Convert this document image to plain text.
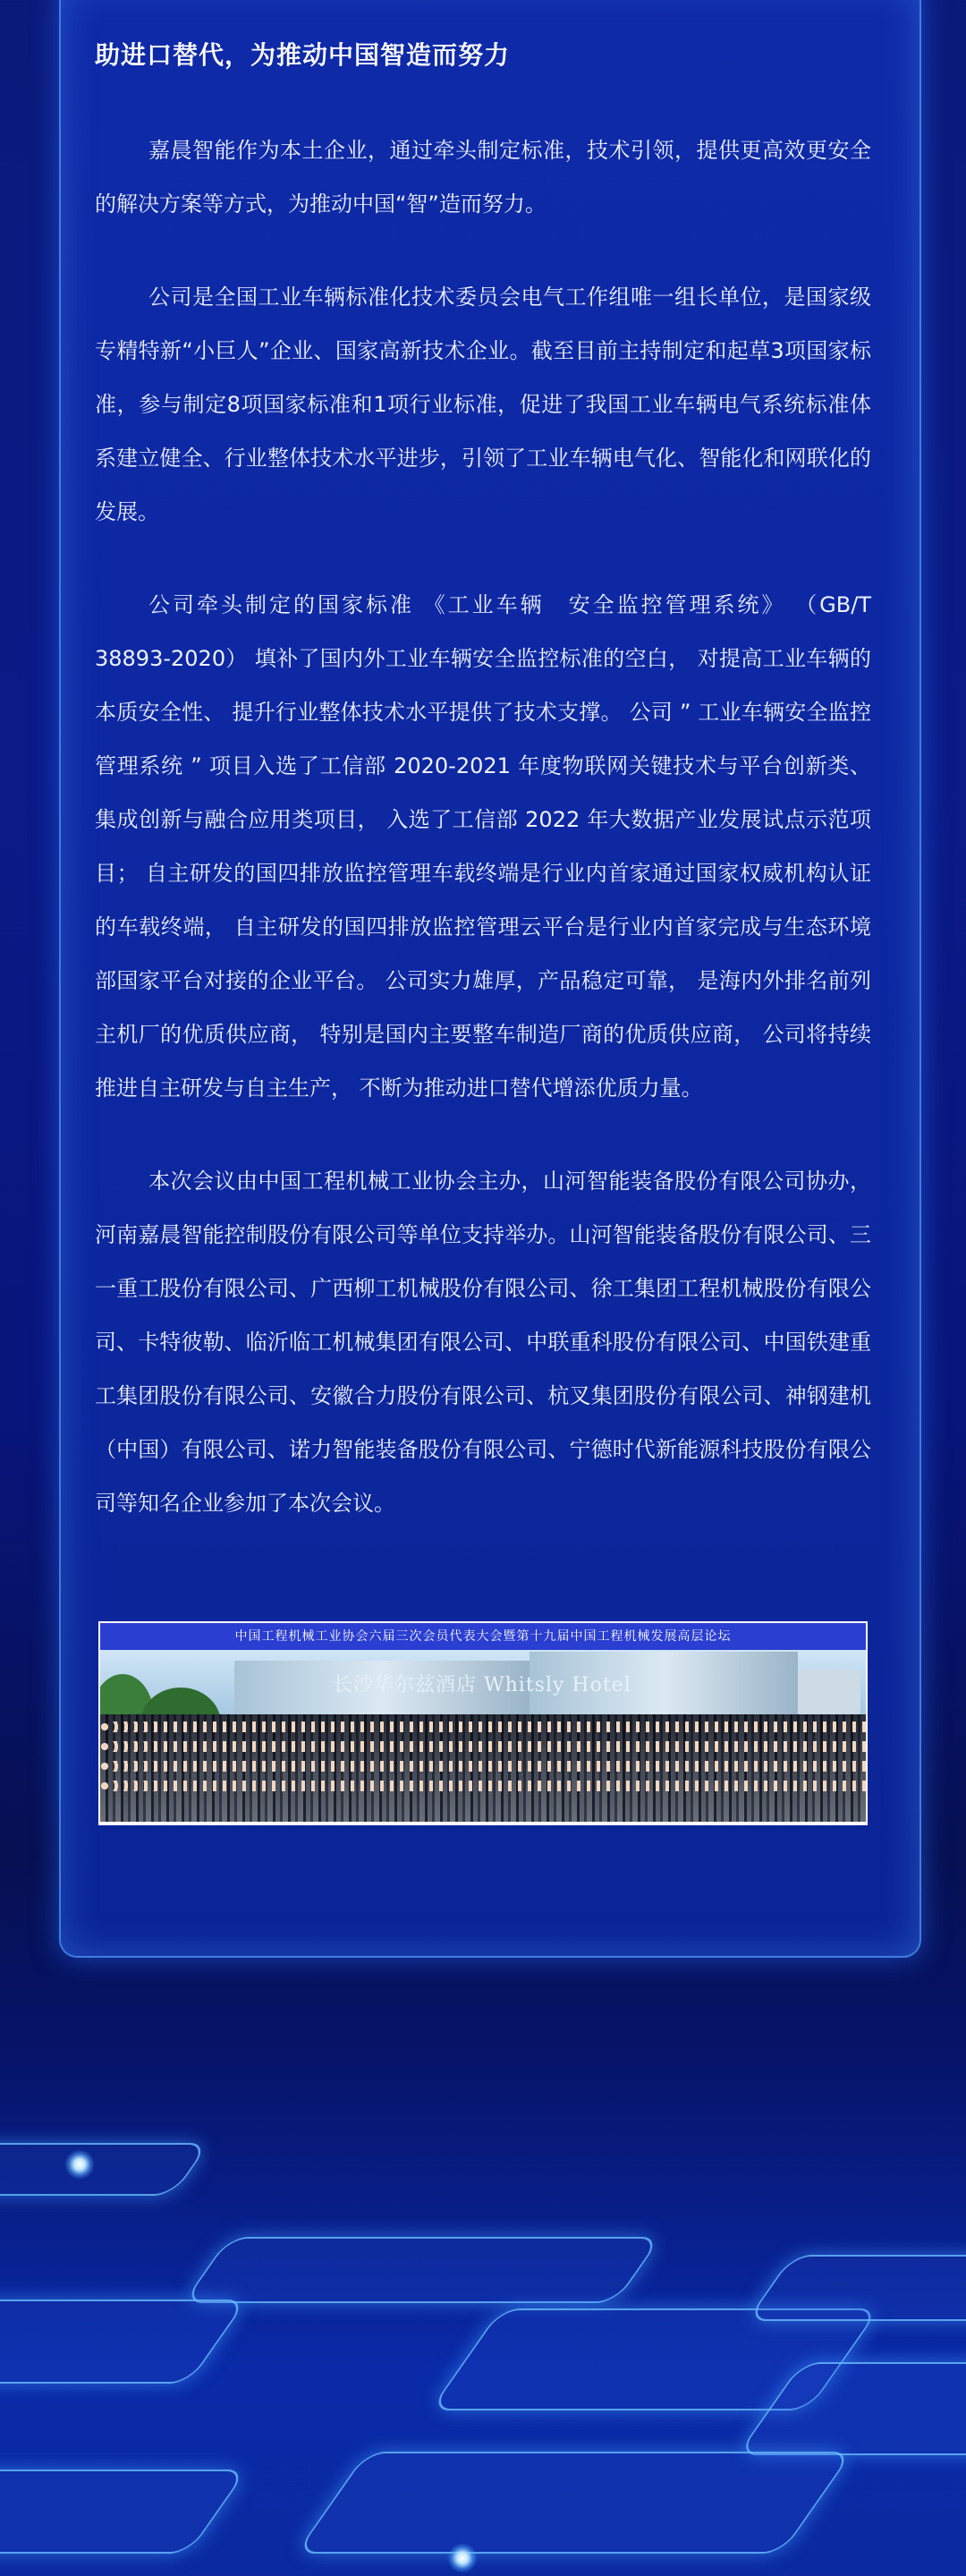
助进口替代，为推动中国智造而努力

嘉晨智能作为本土企业，通过牵头制定标准，技术引领，提供更高效更安全的解决方案等方式，为推动中国“智”造而努力。

公司是全国工业车辆标准化技术委员会电气工作组唯一组长单位，是国家级专精特新“小巨人”企业、国家高新技术企业。截至目前主持制定和起草3项国家标准，参与制定8项国家标准和1项行业标准，促进了我国工业车辆电气系统标准体系建立健全、行业整体技术水平进步，引领了工业车辆电气化、智能化和网联化的发展。

公司牵头制定的国家标准 《工业车辆　安全监控管理系统》 （GB/T 38893-2020） 填补了国内外工业车辆安全监控标准的空白， 对提高工业车辆的本质安全性、 提升行业整体技术水平提供了技术支撑。 公司 ” 工业车辆安全监控管理系统 ” 项目入选了工信部 2020-2021 年度物联网关键技术与平台创新类、 集成创新与融合应用类项目， 入选了工信部 2022 年大数据产业发展试点示范项目； 自主研发的国四排放监控管理车载终端是行业内首家通过国家权威机构认证的车载终端， 自主研发的国四排放监控管理云平台是行业内首家完成与生态环境部国家平台对接的企业平台。 公司实力雄厚，产品稳定可靠， 是海内外排名前列主机厂的优质供应商， 特别是国内主要整车制造厂商的优质供应商， 公司将持续推进自主研发与自主生产， 不断为推动进口替代增添优质力量。

本次会议由中国工程机械工业协会主办，山河智能装备股份有限公司协办，河南嘉晨智能控制股份有限公司等单位支持举办。山河智能装备股份有限公司、三一重工股份有限公司、广西柳工机械股份有限公司、徐工集团工程机械股份有限公司、卡特彼勒、临沂临工机械集团有限公司、中联重科股份有限公司、中国铁建重工集团股份有限公司、安徽合力股份有限公司、杭叉集团股份有限公司、神钢建机（中国）有限公司、诺力智能装备股份有限公司、宁德时代新能源科技股份有限公司等知名企业参加了本次会议。

中国工程机械工业协会六届三次会员代表大会暨第十九届中国工程机械发展高层论坛
长沙华尔兹酒店 Whitsly Hotel
